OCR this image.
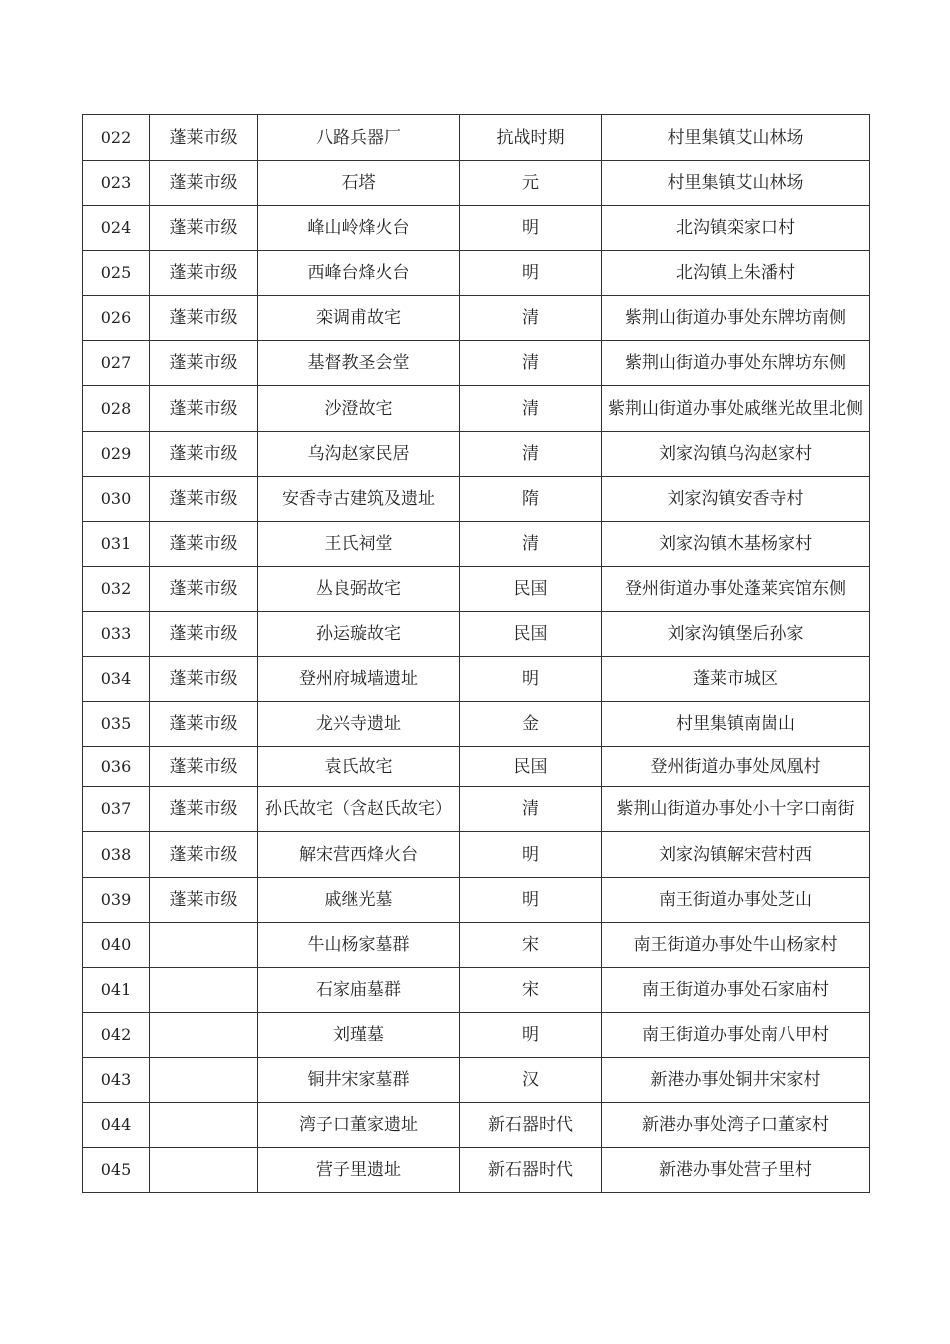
022	蓬莱市级	八路兵器厂	抗战时期	村里集镇艾山林场
023	蓬莱市级	石塔	元	村里集镇艾山林场
024	蓬莱市级	峰山岭烽火台	明	北沟镇栾家口村
025	蓬莱市级	西峰台烽火台	明	北沟镇上朱潘村
026	蓬莱市级	栾调甫故宅	清	紫荆山街道办事处东牌坊南侧
027	蓬莱市级	基督教圣会堂	清	紫荆山街道办事处东牌坊东侧
028	蓬莱市级	沙澄故宅	清	紫荆山街道办事处戚继光故里北侧
029	蓬莱市级	乌沟赵家民居	清	刘家沟镇乌沟赵家村
030	蓬莱市级	安香寺古建筑及遗址	隋	刘家沟镇安香寺村
031	蓬莱市级	王氏祠堂	清	刘家沟镇木基杨家村
032	蓬莱市级	丛良弼故宅	民国	登州街道办事处蓬莱宾馆东侧
033	蓬莱市级	孙运璇故宅	民国	刘家沟镇堡后孙家
034	蓬莱市级	登州府城墙遗址	明	蓬莱市城区
035	蓬莱市级	龙兴寺遗址	金	村里集镇南崮山
036	蓬莱市级	袁氏故宅	民国	登州街道办事处凤凰村
037	蓬莱市级	孙氏故宅（含赵氏故宅）	清	紫荆山街道办事处小十字口南街
038	蓬莱市级	解宋营西烽火台	明	刘家沟镇解宋营村西
039	蓬莱市级	戚继光墓	明	南王街道办事处芝山
040		牛山杨家墓群	宋	南王街道办事处牛山杨家村
041		石家庙墓群	宋	南王街道办事处石家庙村
042		刘瑾墓	明	南王街道办事处南八甲村
043		铜井宋家墓群	汉	新港办事处铜井宋家村
044		湾子口董家遗址	新石器时代	新港办事处湾子口董家村
045		营子里遗址	新石器时代	新港办事处营子里村
